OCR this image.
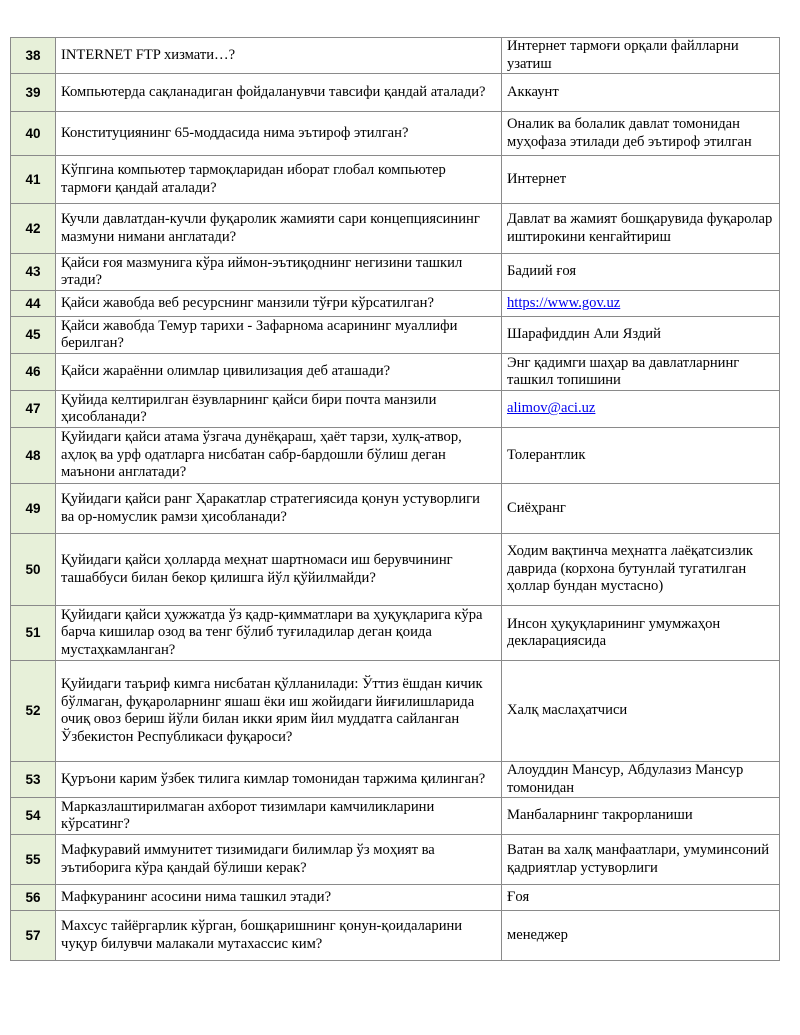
38	INTERNET FTP хизмати…?	Интернет тармоғи орқали файлларни узатиш
39	Компьютерда сақланадиган фойдаланувчи тавсифи қандай аталади?	Аккаунт
40	Конституциянинг 65-моддасида нима эътироф этилган?	Оналик ва болалик давлат томонидан муҳофаза этилади деб эътироф этилган
41	Кўпгина компьютер тармоқларидан иборат глобал компьютер тармоғи қандай аталади?	Интернет
42	Кучли давлатдан-кучли фуқаролик жамияти сари концепциясининг мазмуни нимани англатади?	Давлат ва жамият бошқарувида фуқаролар иштирокини кенгайтириш
43	Қайси ғоя мазмунига кўра иймон-эътиқоднинг негизини ташкил этади?	Бадиий ғоя
44	Қайси жавобда веб ресурснинг манзили тўғри кўрсатилган?	https://www.gov.uz
45	Қайси жавобда Темур тарихи - Зафарнома асарининг муаллифи берилган?	Шарафиддин Али Яздий
46	Қайси жараённи олимлар цивилизация деб аташади?	Энг қадимги шаҳар ва давлатларнинг ташкил топишини
47	Қуйида келтирилган ёзувларнинг қайси бири почта манзили ҳисобланади?	alimov@aci.uz
48	Қуйидаги қайси атама ўзгача дунёқараш, ҳаёт тарзи, хулқ-атвор, аҳлоқ ва урф одатларга нисбатан сабр-бардошли бўлиш деган маънони англатади?	Толерантлик
49	Қуйидаги қайси ранг Ҳаракатлар стратегиясида қонун устуворлиги ва ор-номуслик рамзи ҳисобланади?	Сиёҳранг
50	Қуйидаги қайси ҳолларда меҳнат шартномаси иш берувчининг ташаббуси билан бекор қилишга йўл қўйилмайди?	Ходим вақтинча меҳнатга лаёқатсизлик даврида (корхона бутунлай тугатилган ҳоллар бундан мустасно)
51	Қуйидаги қайси ҳужжатда ўз қадр-қимматлари ва ҳуқуқларига кўра барча кишилар озод ва тенг бўлиб туғиладилар деган қоида мустаҳкамланган?	Инсон ҳуқуқларининг умумжаҳон декларациясида
52	Қуйидаги таъриф кимга нисбатан қўлланилади: Ўттиз ёшдан кичик бўлмаган, фуқароларнинг яшаш ёки иш жойидаги йиғилишларида очиқ овоз бериш йўли билан икки ярим йил муддатга сайланган Ўзбекистон Республикаси фуқароси?	Халқ маслаҳатчиси
53	Қуръони карим ўзбек тилига кимлар томонидан таржима қилинган?	Алоуддин Мансур, Абдулазиз Мансур томонидан
54	Марказлаштирилмаган ахборот тизимлари камчиликларини кўрсатинг?	Манбаларнинг такрорланиши
55	Мафкуравий иммунитет тизимидаги билимлар ўз моҳият ва эътиборига кўра қандай бўлиши керак?	Ватан ва халқ манфаатлари, умуминсоний қадриятлар устуворлиги
56	Мафкуранинг асосини нима ташкил этади?	Ғоя
57	Махсус тайёргарлик кўрган, бошқаришнинг қонун-қоидаларини чуқур билувчи малакали мутахассис ким?	менеджер
